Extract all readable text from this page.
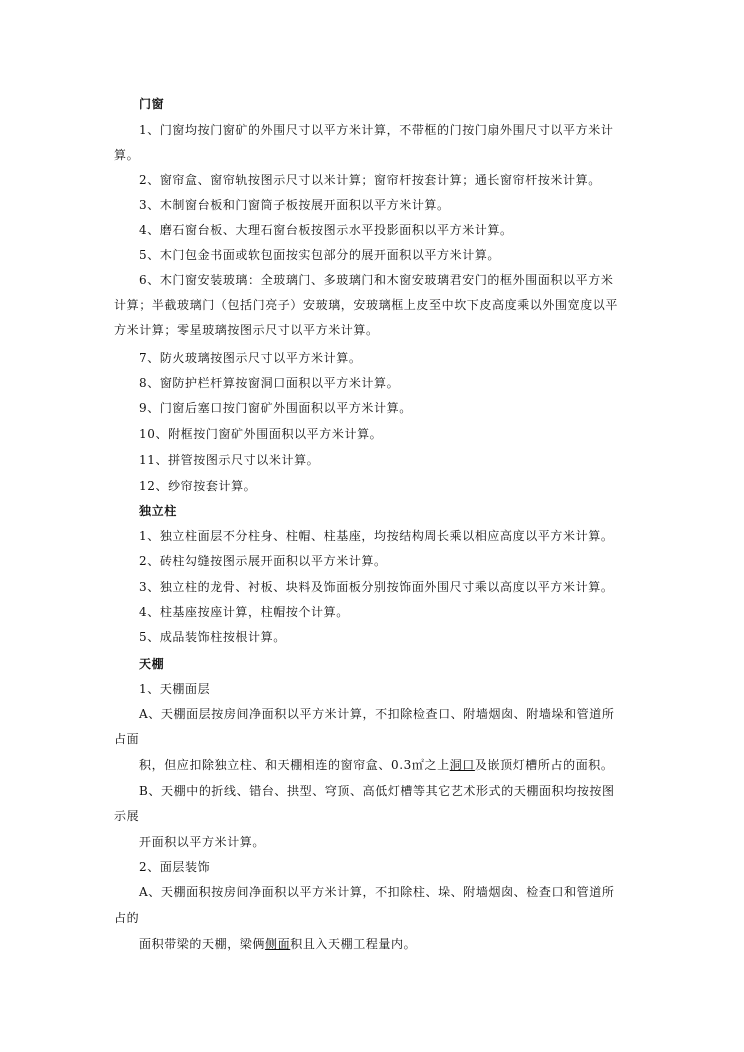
门窗
1、门窗均按门窗矿的外围尺寸以平方米计算，不带框的门按门扇外围尺寸以平方米计
算。
2、窗帘盒、窗帘轨按图示尺寸以米计算；窗帘杆按套计算；通长窗帘杆按米计算。
3、木制窗台板和门窗筒子板按展开面积以平方米计算。
4、磨石窗台板、大理石窗台板按图示水平投影面积以平方米计算。
5、木门包金书面或软包面按实包部分的展开面积以平方米计算。
6、木门窗安装玻璃：全玻璃门、多玻璃门和木窗安玻璃君安门的框外围面积以平方米
计算；半截玻璃门（包括门亮子）安玻璃，安玻璃框上皮至中坎下皮高度乘以外围宽度以平
方米计算；零星玻璃按图示尺寸以平方米计算。
7、防火玻璃按图示尺寸以平方米计算。
8、窗防护栏杆算按窗洞口面积以平方米计算。
9、门窗后塞口按门窗矿外围面积以平方米计算。
10、附框按门窗矿外围面积以平方米计算。
11、拼管按图示尺寸以米计算。
12、纱帘按套计算。
独立柱
1、独立柱面层不分柱身、柱帽、柱基座，均按结构周长乘以相应高度以平方米计算。
2、砖柱勾缝按图示展开面积以平方米计算。
3、独立柱的龙骨、衬板、块料及饰面板分别按饰面外围尺寸乘以高度以平方米计算。
4、柱基座按座计算，柱帽按个计算。
5、成品装饰柱按根计算。
天棚
1、天棚面层
A、天棚面层按房间净面积以平方米计算，不扣除检查口、附墙烟囱、附墙垛和管道所
占面
积，但应扣除独立柱、和天棚相连的窗帘盒、0.3㎡之上洞口及嵌顶灯槽所占的面积。
B、天棚中的折线、错台、拱型、穹顶、高低灯槽等其它艺术形式的天棚面积均按按图
示展
开面积以平方米计算。
2、面层装饰
A、天棚面积按房间净面积以平方米计算，不扣除柱、垛、附墙烟囱、检查口和管道所
占的
面积带梁的天棚，梁俩侧面积且入天棚工程量内。
